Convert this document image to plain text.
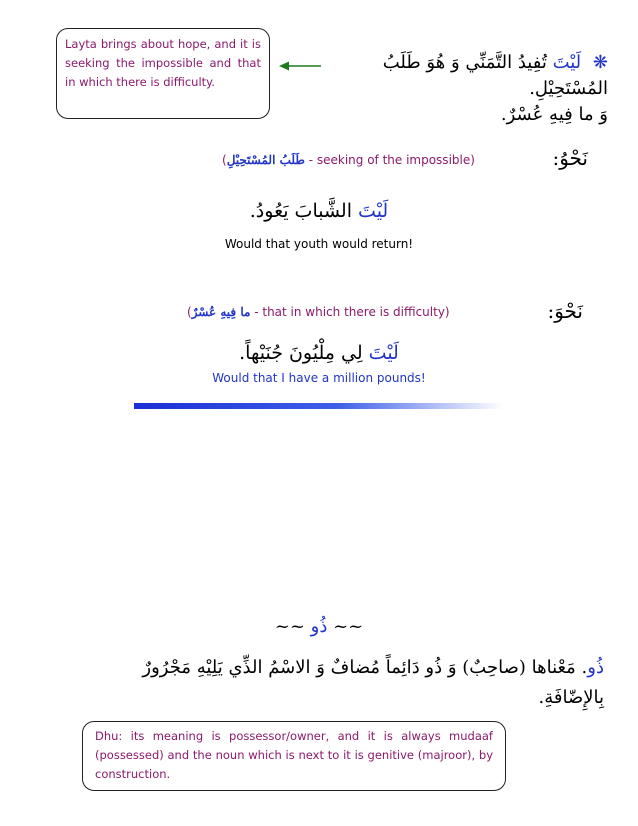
Layta brings about hope, and it is seeking the impossible and that in which there is difficulty.
❋ لَيْتَ تُفِيدُ التَّمَنِّي وَ هُوَ طَلَبُ المُسْتَحِيْلِ.
وَ ما فِيهِ عُسْرٌ.
نَحْوُ:
(طَلَبُ المُسْتَحِيْلِ - seeking of the impossible)
لَيْتَ الشَّبابَ يَعُودُ.
Would that youth would return!
نَحْوَ:
(ما فِيهِ عُسْرٌ - that in which there is difficulty)
لَيْتَ لِي مِلْيُونَ جُنَيْهاً.
Would that I have a million pounds!
~~ ذُو ~~
ذُو. مَعْناها (صاحِبٌ) وَ ذُو دَائِماً مُضافٌ وَ الاسْمُ الذِّي يَلِيْهِ مَجْرُورٌ بِالإِضّافَةِ.
Dhu: its meaning is possessor/owner, and it is always mudaaf (possessed) and the noun which is next to it is genitive (majroor), by construction.
